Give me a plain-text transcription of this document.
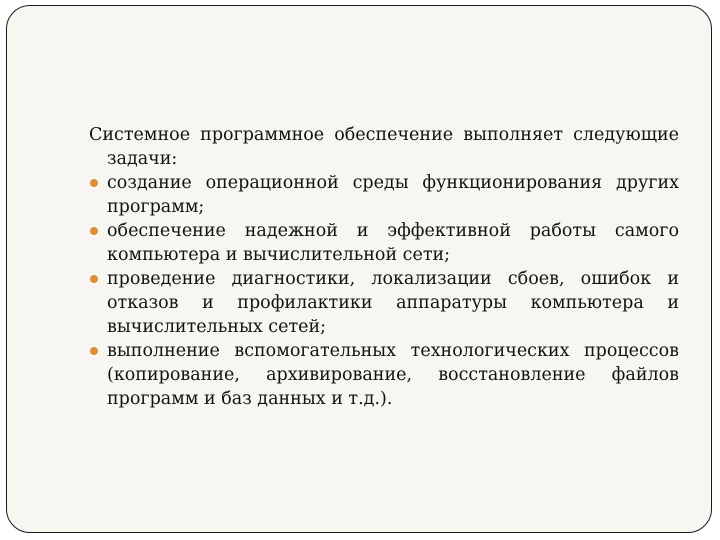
Системное программное обеспечение выполняет следующие задачи:

создание операционной среды функционирования других программ;
обеспечение надежной и эффективной работы самого компьютера и вычислительной сети;
проведение диагностики, локализации сбоев, ошибок и отказов и профилактики аппаратуры компьютера и вычислительных сетей;
выполнение вспомогательных технологических процессов (копирование, архивирование, восстановление файлов программ и баз данных и т.д.).
